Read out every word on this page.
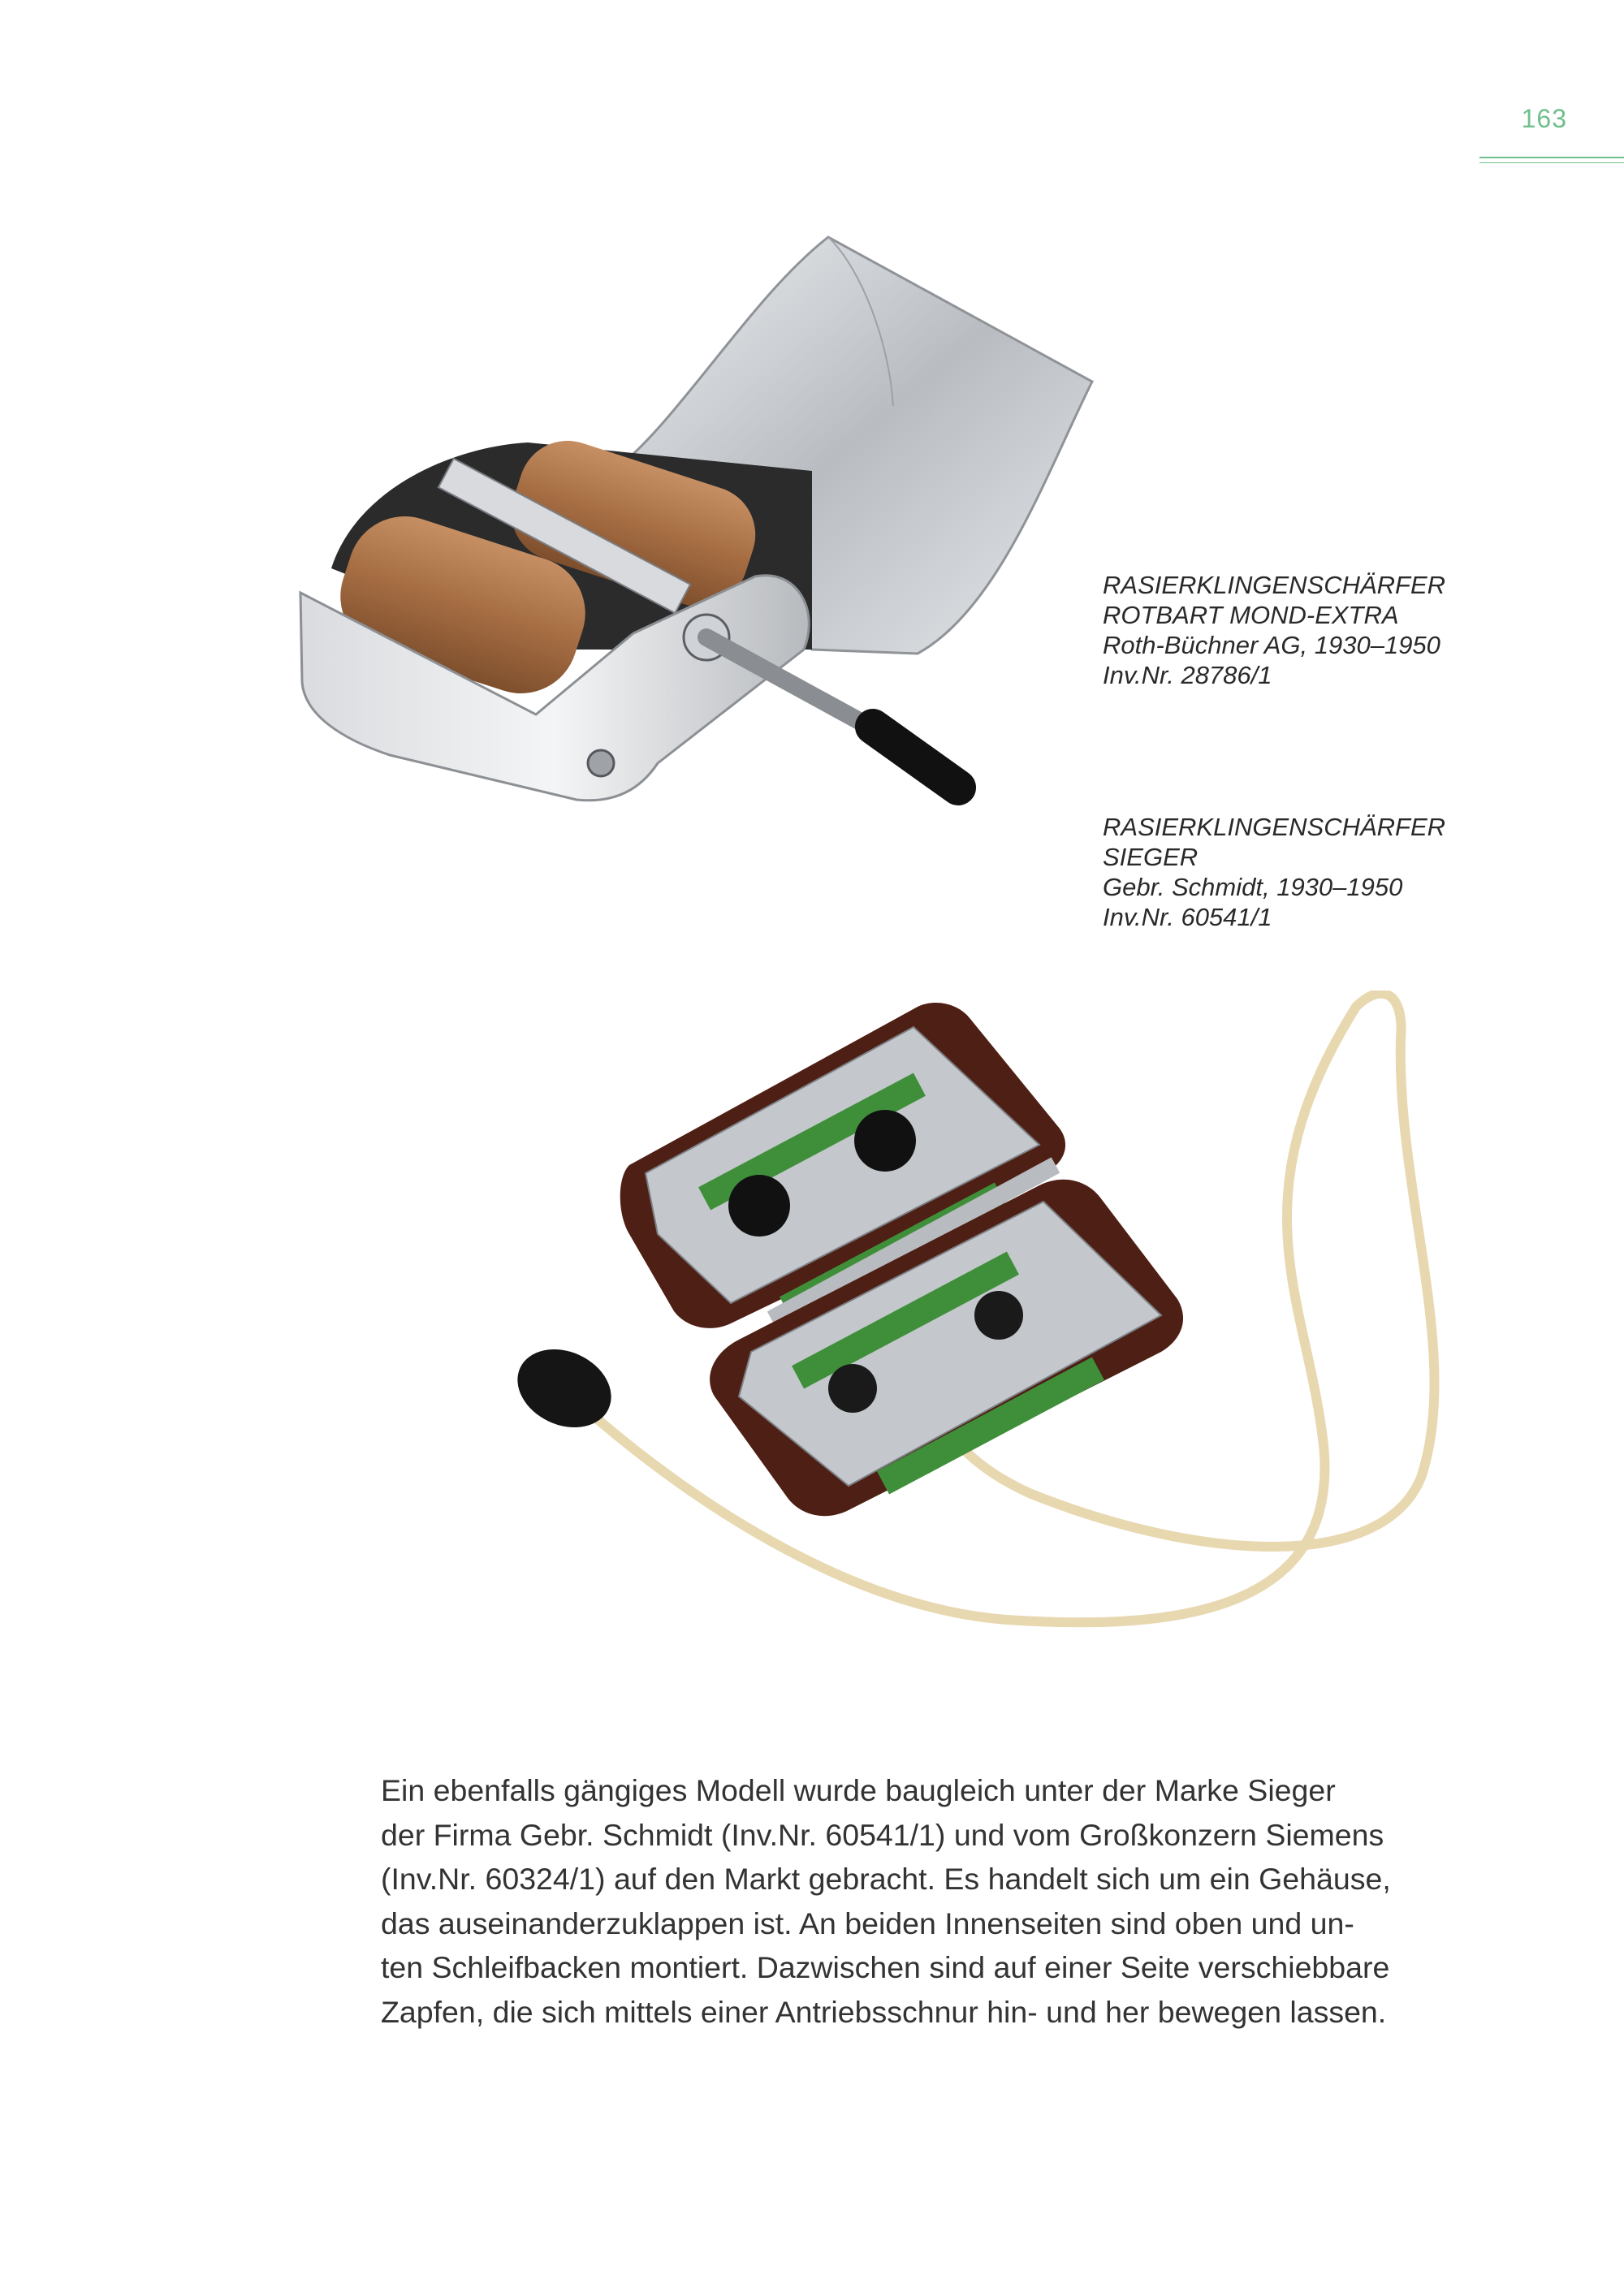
163
RASIERKLINGENSCHÄRFER
ROTBART MOND-EXTRA
Roth-Büchner AG, 1930–1950
Inv.Nr. 28786/1
RASIERKLINGENSCHÄRFER
SIEGER
Gebr. Schmidt, 1930–1950
Inv.Nr. 60541/1
Ein ebenfalls gängiges Modell wurde baugleich unter der Marke Sieger
der Firma Gebr. Schmidt (Inv.Nr. 60541/1) und vom Großkonzern Siemens
(Inv.Nr. 60324/1) auf den Markt gebracht. Es handelt sich um ein Gehäuse,
das auseinanderzuklappen ist. An beiden Innenseiten sind oben und un-
ten Schleifbacken montiert. Dazwischen sind auf einer Seite verschiebbare
Zapfen, die sich mittels einer Antriebsschnur hin- und her bewegen lassen.
